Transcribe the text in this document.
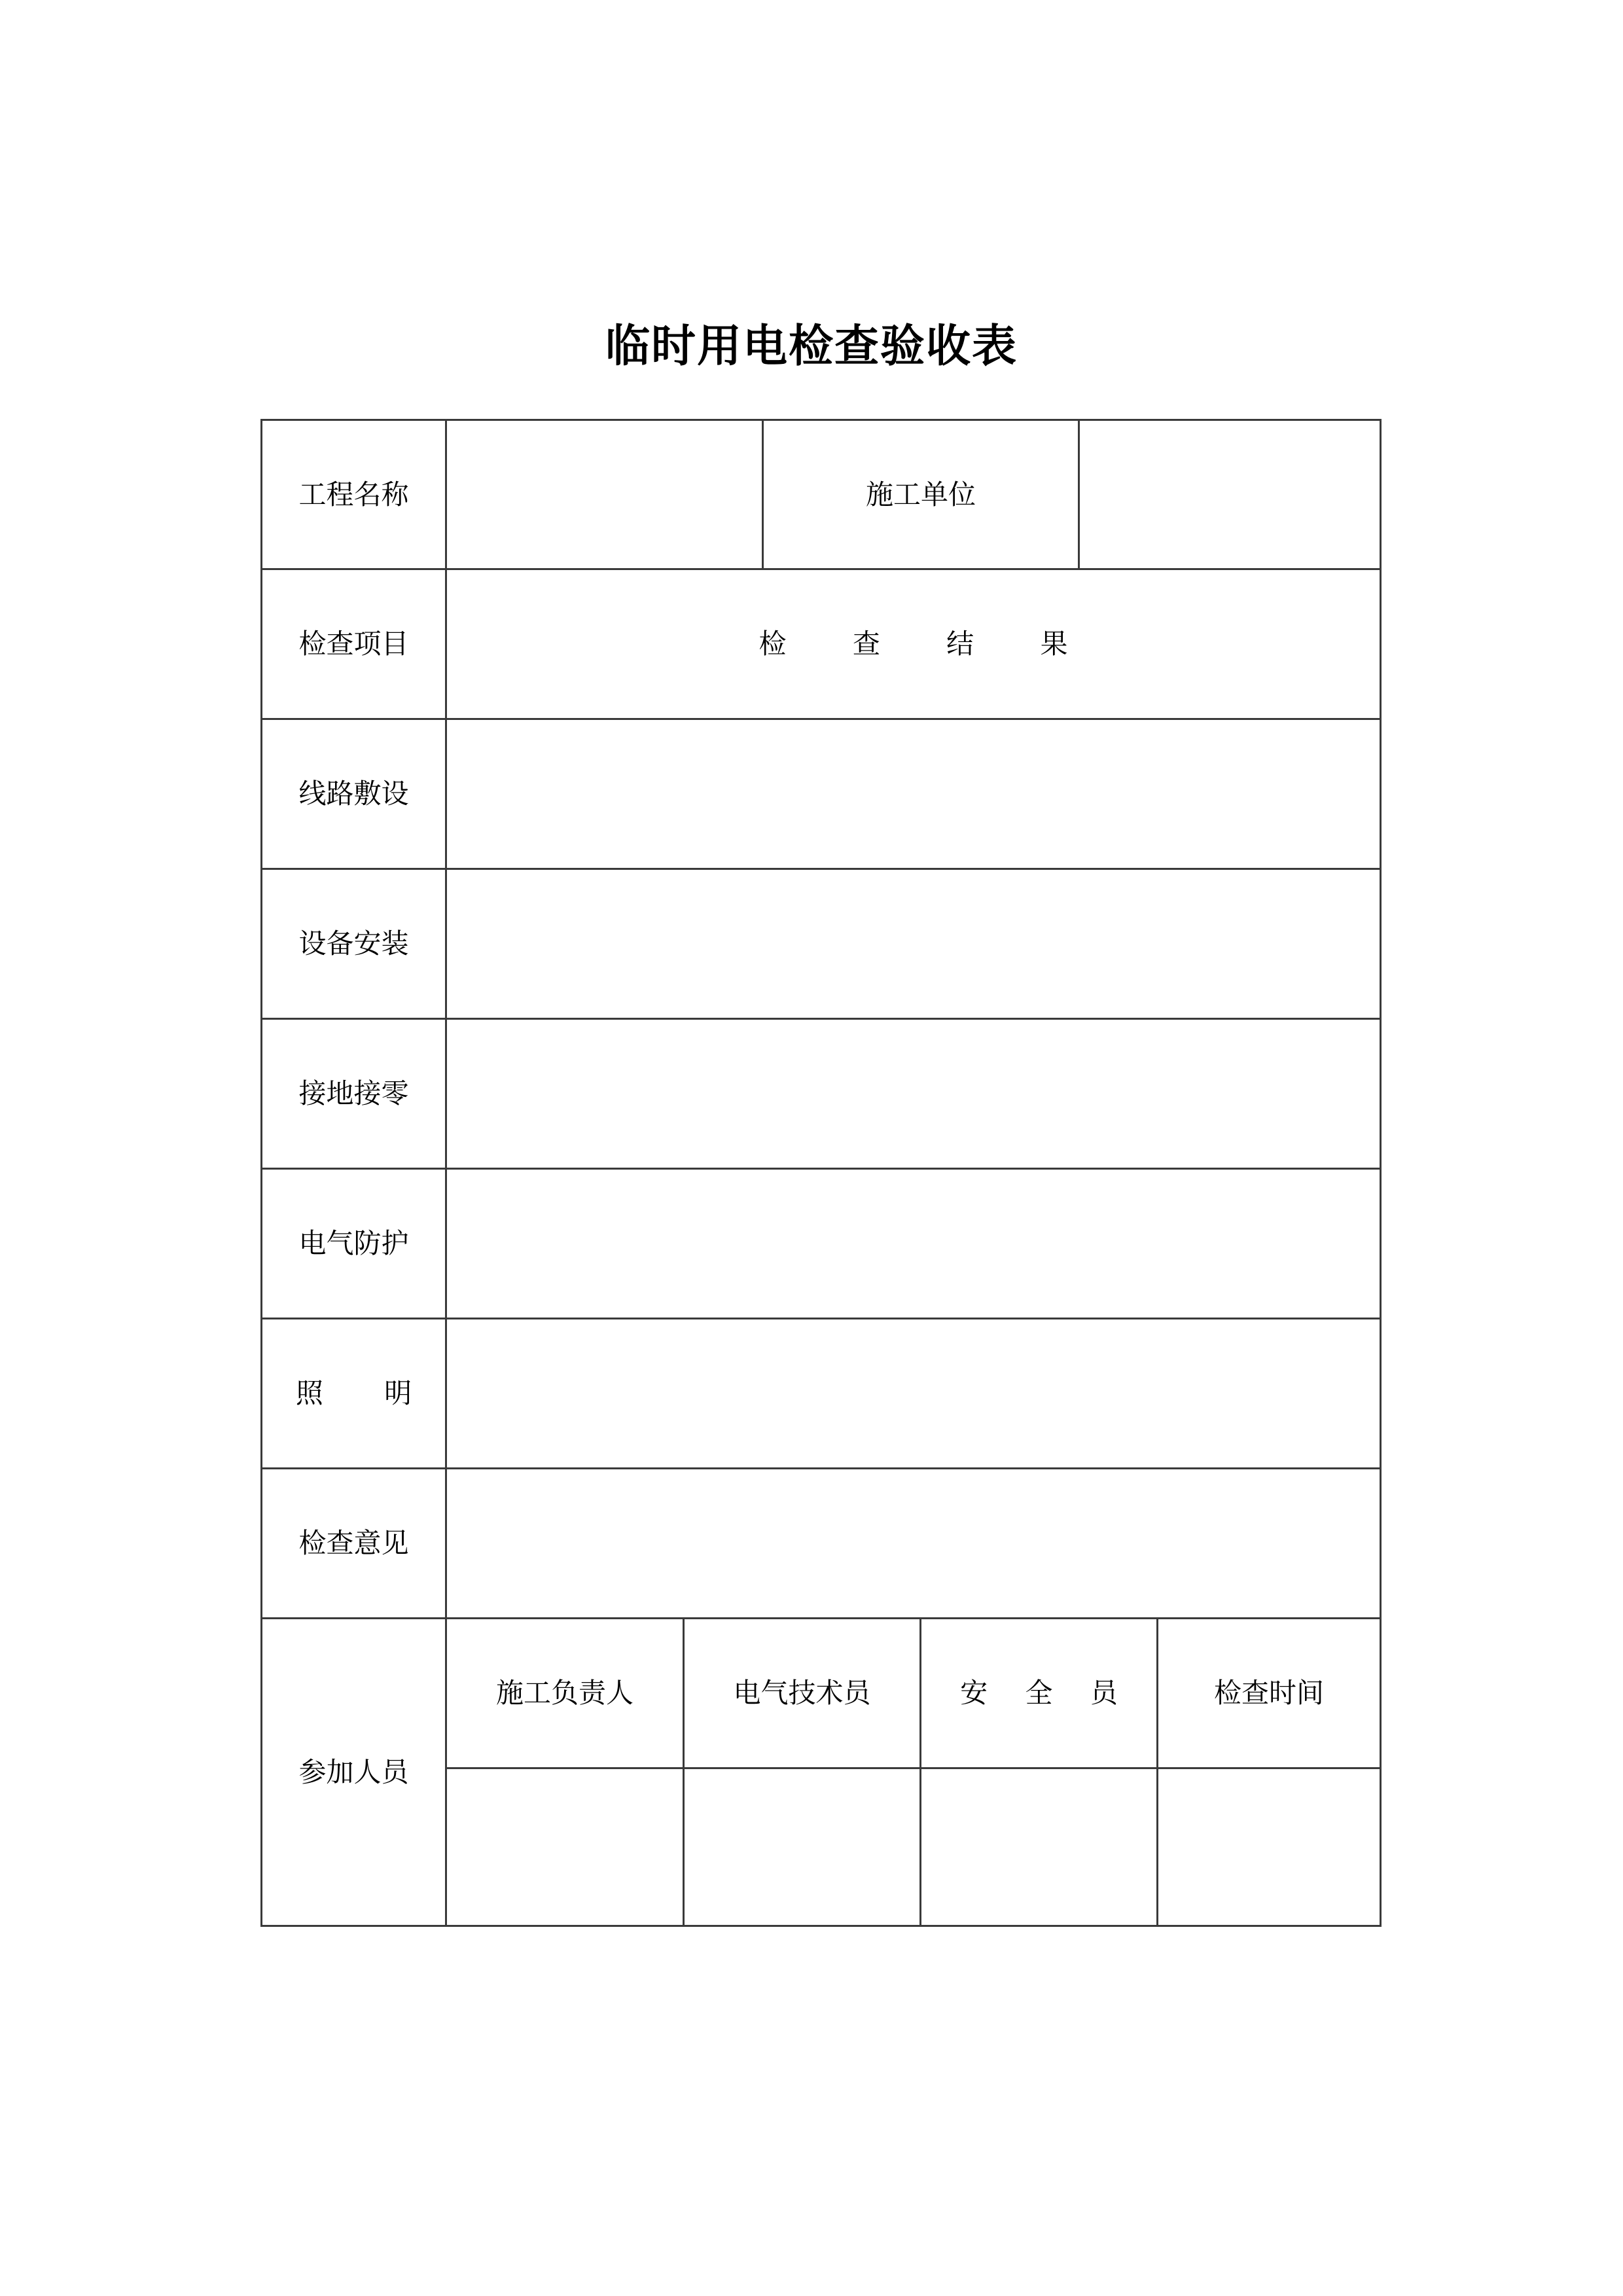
临时用电检查验收表
工程名称	施工单位
检查项目	检 查 结 果
线路敷设
设备安装
接地接零
电气防护
照 明
检查意见
参加人员
施工负责人	电气技术员	安 全 员	检查时间
